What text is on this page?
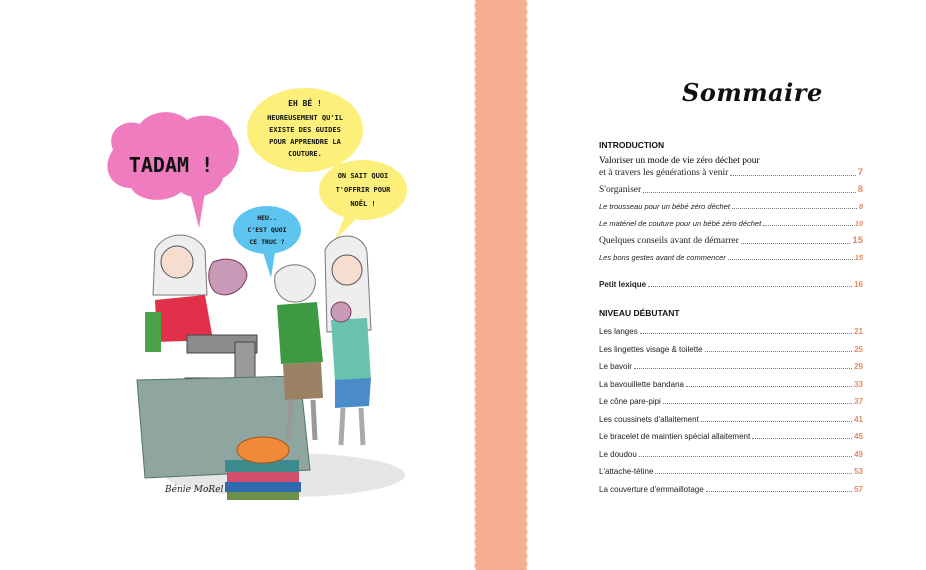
TADAM !
EH BÉ !
HEUREUSEMENT QU'IL
EXISTE DES GUIDES
POUR APPRENDRE LA
COUTURE.
ON SAIT QUOI
T'OFFRIR POUR
NOËL !
HEU..
C'EST QUOI
CE TRUC ?
Bénie MoRel
Sommaire
INTRODUCTION
Valoriser un mode de vie zéro déchet pour
et à travers les générations à venir	7
S'organiser	8
Le trousseau pour un bébé zéro déchet	8
Le matériel de couture pour un bébé zéro déchet	10
Quelques conseils avant de démarrer	15
Les bons gestes avant de commencer	15
Petit lexique	16
NIVEAU DÉBUTANT
Les langes	21
Les lingettes visage & toilette	25
Le bavoir	29
La bavouillette bandana	33
Le cône pare-pipi	37
Les coussinets d'allaitement	41
Le bracelet de maintien spécial allaitement	45
Le doudou	49
L'attache-tétine	53
La couverture d'emmaillotage	57
